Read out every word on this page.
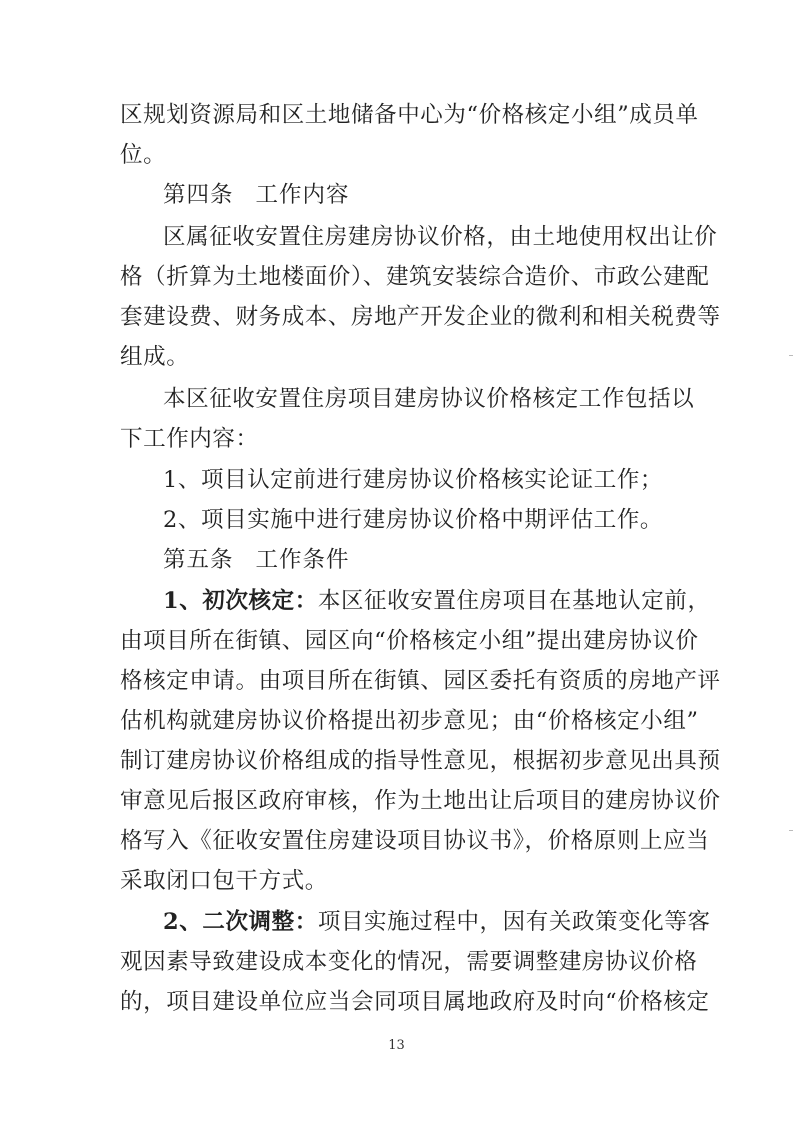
区规划资源局和区土地储备中心为“价格核定小组”成员单
位。
第四条 工作内容
区属征收安置住房建房协议价格，由土地使用权出让价
格（折算为土地楼面价）、建筑安装综合造价、市政公建配
套建设费、财务成本、房地产开发企业的微利和相关税费等
组成。
本区征收安置住房项目建房协议价格核定工作包括以
下工作内容：
1、项目认定前进行建房协议价格核实论证工作；
2、项目实施中进行建房协议价格中期评估工作。
第五条 工作条件
1、初次核定：本区征收安置住房项目在基地认定前，
由项目所在街镇、园区向“价格核定小组”提出建房协议价
格核定申请。由项目所在街镇、园区委托有资质的房地产评
估机构就建房协议价格提出初步意见；由“价格核定小组”
制订建房协议价格组成的指导性意见，根据初步意见出具预
审意见后报区政府审核，作为土地出让后项目的建房协议价
格写入《征收安置住房建设项目协议书》，价格原则上应当
采取闭口包干方式。
2、二次调整：项目实施过程中，因有关政策变化等客
观因素导致建设成本变化的情况，需要调整建房协议价格
的，项目建设单位应当会同项目属地政府及时向“价格核定
13
